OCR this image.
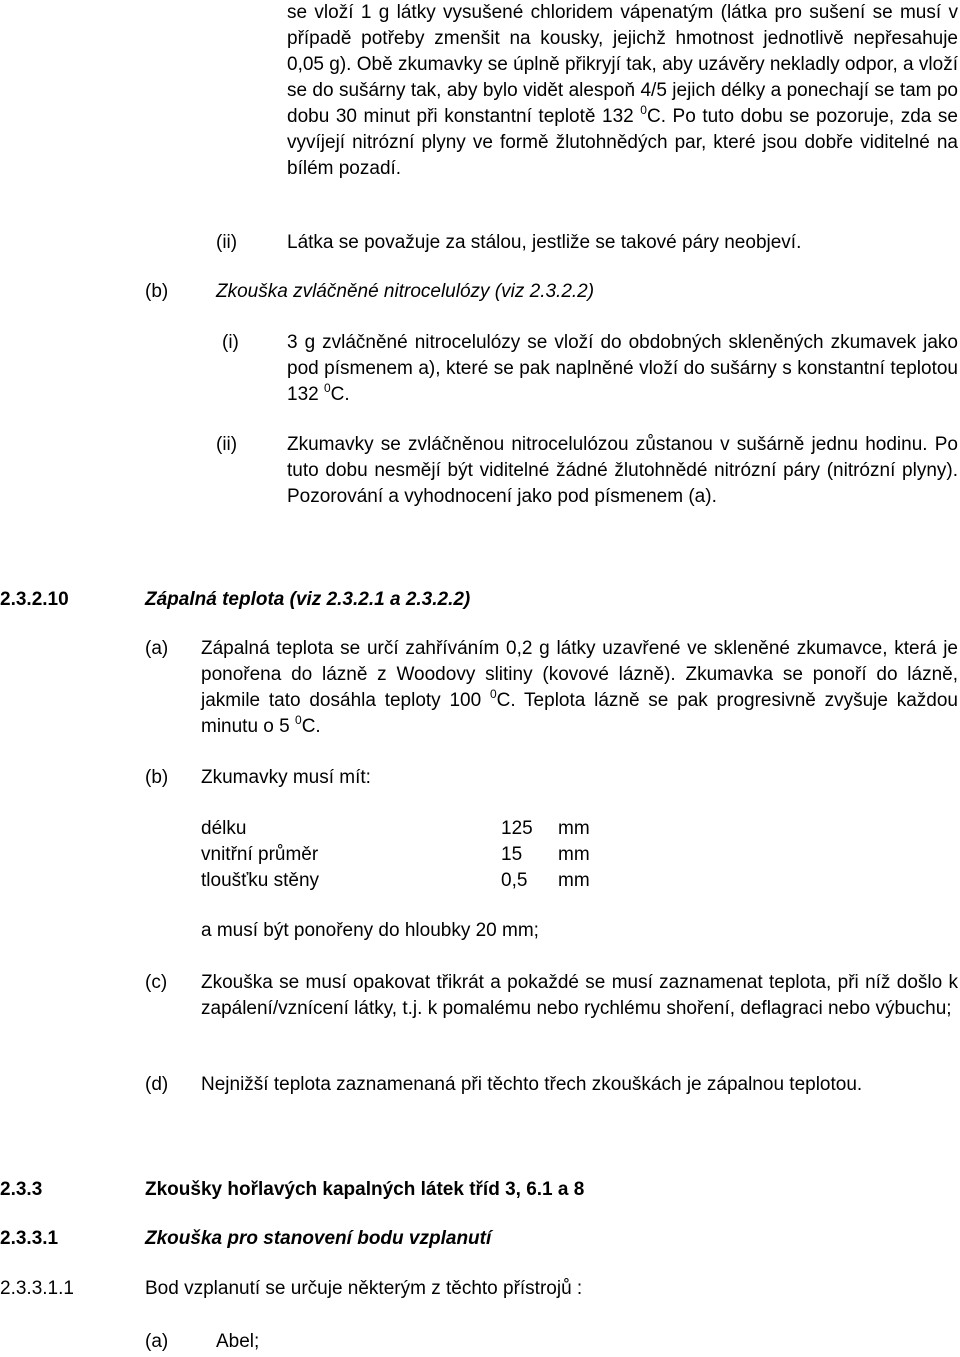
se vloží 1 g látky vysušené chloridem vápenatým (látka pro sušení se musí v případě potřeby zmenšit na kousky, jejichž hmotnost jednotlivě nepřesahuje 0,05 g). Obě zkumavky se úplně přikryjí tak, aby uzávěry nekladly odpor, a vloží se do sušárny tak, aby bylo vidět alespoň 4/5 jejich délky a ponechají se tam po dobu 30 minut při konstantní teplotě 132 $^0$C. Po tuto dobu se pozoruje, zda se vyvíjejí nitrózní plyny ve formě žlutohnědých par, které jsou dobře viditelné na bílém pozadí.
(ii)	Látka se považuje za stálou, jestliže se takové páry neobjeví.
(b)	Zkouška zvláčněné nitrocelulózy (viz 2.3.2.2)
(i)	3 g zvláčněné nitrocelulózy se vloží do obdobných skleněných zkumavek jako pod písmenem a), které se pak naplněné vloží do sušárny s konstantní teplotou 132 $^0$C.
(ii)	Zkumavky se zvláčněnou nitrocelulózou zůstanou v sušárně jednu hodinu. Po tuto dobu nesmějí být viditelné žádné žlutohnědé nitrózní páry (nitrózní plyny). Pozorování a vyhodnocení jako pod písmenem (a).
2.3.2.10	Zápalná teplota (viz 2.3.2.1 a 2.3.2.2)
(a) Zápalná teplota se určí zahříváním 0,2 g látky uzavřené ve skleněné zkumavce, která je ponořena do lázně z Woodovy slitiny (kovové lázně). Zkumavka se ponoří do lázně, jakmile tato dosáhla teploty 100 $^0$C. Teplota lázně se pak progresivně zvyšuje každou minutu o 5 $^0$C.
(b) Zkumavky musí mít:
délku	125 mm
vnitřní průměr	15 mm
tloušťku stěny	0,5 mm
a musí být ponořeny do hloubky 20 mm;
(c) Zkouška se musí opakovat třikrát a pokaždé se musí zaznamenat teplota, při níž došlo k zapálení/vznícení látky, t.j. k pomalému nebo rychlému shoření, deflagraci nebo výbuchu;
(d) Nejnižší teplota zaznamenaná při těchto třech zkouškách je zápalnou teplotou.
2.3.3	Zkoušky hořlavých kapalných látek tříd 3, 6.1 a 8
2.3.3.1	Zkouška pro stanovení bodu vzplanutí
2.3.3.1.1	Bod vzplanutí se určuje některým z těchto přístrojů :
(a)	Abel;
